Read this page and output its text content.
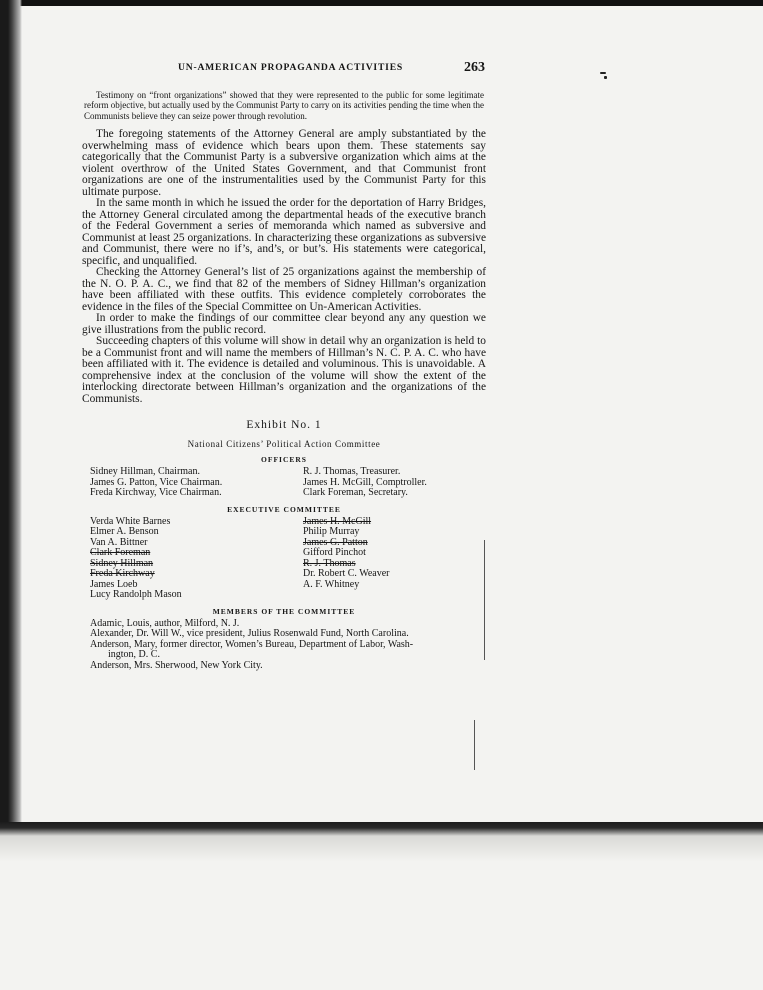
UN-AMERICAN PROPAGANDA ACTIVITIES	263

Testimony on “front organizations” showed that they were represented to the public for some legitimate reform objective, but actually used by the Communist Party to carry on its activities pending the time when the Communists believe they can seize power through revolution.

The foregoing statements of the Attorney General are amply substantiated by the overwhelming mass of evidence which bears upon them. These statements say categorically that the Communist Party is a subversive organization which aims at the violent overthrow of the United States Government, and that Communist front organizations are one of the instrumentalities used by the Communist Party for this ultimate purpose.

In the same month in which he issued the order for the deportation of Harry Bridges, the Attorney General circulated among the departmental heads of the executive branch of the Federal Government a series of memoranda which named as subversive and Communist at least 25 organizations. In characterizing these organizations as subversive and Communist, there were no if’s, and’s, or but’s. His statements were categorical, specific, and unqualified.

Checking the Attorney General’s list of 25 organizations against the membership of the N. O. P. A. C., we find that 82 of the members of Sidney Hillman’s organization have been affiliated with these outfits. This evidence completely corroborates the evidence in the files of the Special Committee on Un-American Activities.

In order to make the findings of our committee clear beyond any any question we give illustrations from the public record.

Succeeding chapters of this volume will show in detail why an organization is held to be a Communist front and will name the members of Hillman’s N. C. P. A. C. who have been affiliated with it. The evidence is detailed and voluminous. This is unavoidable. A comprehensive index at the conclusion of the volume will show the extent of the interlocking directorate between Hillman’s organization and the organizations of the Communists.

Exhibit No. 1
National Citizens’ Political Action Committee
OFFICERS
Sidney Hillman, Chairman.
James G. Patton, Vice Chairman.
Freda Kirchway, Vice Chairman.
R. J. Thomas, Treasurer.
James H. McGill, Comptroller.
Clark Foreman, Secretary.
EXECUTIVE COMMITTEE
Verda White Barnes
Elmer A. Benson
Van A. Bittner
Clark Foreman
Sidney Hillman
Freda Kirchway
James Loeb
Lucy Randolph Mason
James H. McGill
Philip Murray
James G. Patton
Gifford Pinchot
R. J. Thomas
Dr. Robert C. Weaver
A. F. Whitney
MEMBERS OF THE COMMITTEE
Adamic, Louis, author, Milford, N. J.
Alexander, Dr. Will W., vice president, Julius Rosenwald Fund, North Carolina.
Anderson, Mary, former director, Women’s Bureau, Department of Labor, Wash-
ington, D. C.
Anderson, Mrs. Sherwood, New York City.
